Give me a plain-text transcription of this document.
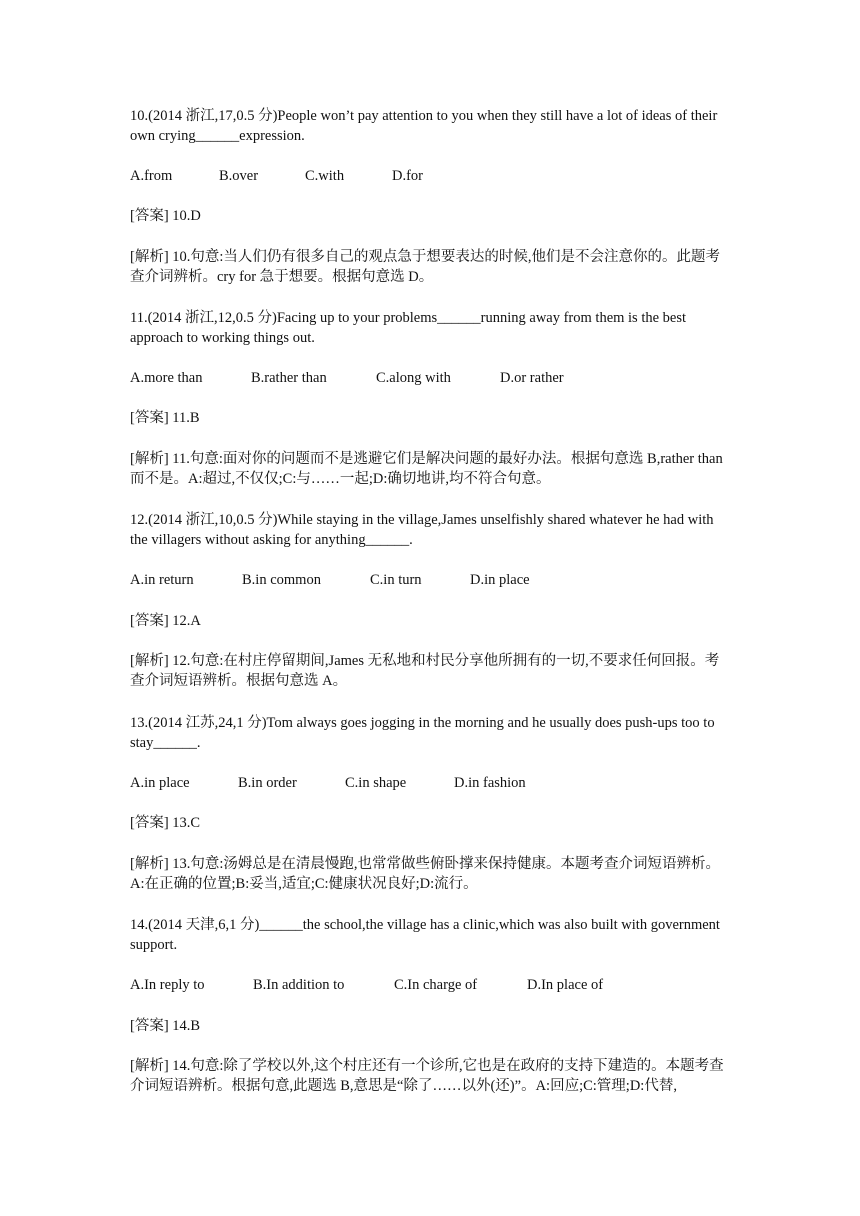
10.(2014 浙江,17,0.5 分)People won’t pay attention to you when they still have a lot of ideas of their own crying______expression.

A.from	B.over	C.with	D.for

[答案] 10.D

[解析] 10.句意:当人们仍有很多自己的观点急于想要表达的时候,他们是不会注意你的。此题考查介词辨析。cry for 急于想要。根据句意选 D。

11.(2014 浙江,12,0.5 分)Facing up to your problems______running away from them is the best approach to working things out.

A.more than	B.rather than	C.along with	D.or rather

[答案] 11.B

[解析] 11.句意:面对你的问题而不是逃避它们是解决问题的最好办法。根据句意选 B,rather than 而不是。A:超过,不仅仅;C:与……一起;D:确切地讲,均不符合句意。

12.(2014 浙江,10,0.5 分)While staying in the village,James unselfishly shared whatever he had with the villagers without asking for anything______.

A.in return	B.in common	C.in turn	D.in place

[答案] 12.A

[解析] 12.句意:在村庄停留期间,James 无私地和村民分享他所拥有的一切,不要求任何回报。考查介词短语辨析。根据句意选 A。

13.(2014 江苏,24,1 分)Tom always goes jogging in the morning and he usually does push-ups too to stay______.

A.in place	B.in order	C.in shape	D.in fashion

[答案] 13.C

[解析] 13.句意:汤姆总是在清晨慢跑,也常常做些俯卧撑来保持健康。本题考查介词短语辨析。A:在正确的位置;B:妥当,适宜;C:健康状况良好;D:流行。

14.(2014 天津,6,1 分)______the school,the village has a clinic,which was also built with government support.

A.In reply to	B.In addition to	C.In charge of	D.In place of

[答案] 14.B

[解析] 14.句意:除了学校以外,这个村庄还有一个诊所,它也是在政府的支持下建造的。本题考查介词短语辨析。根据句意,此题选 B,意思是“除了……以外(还)”。A:回应;C:管理;D:代替,
